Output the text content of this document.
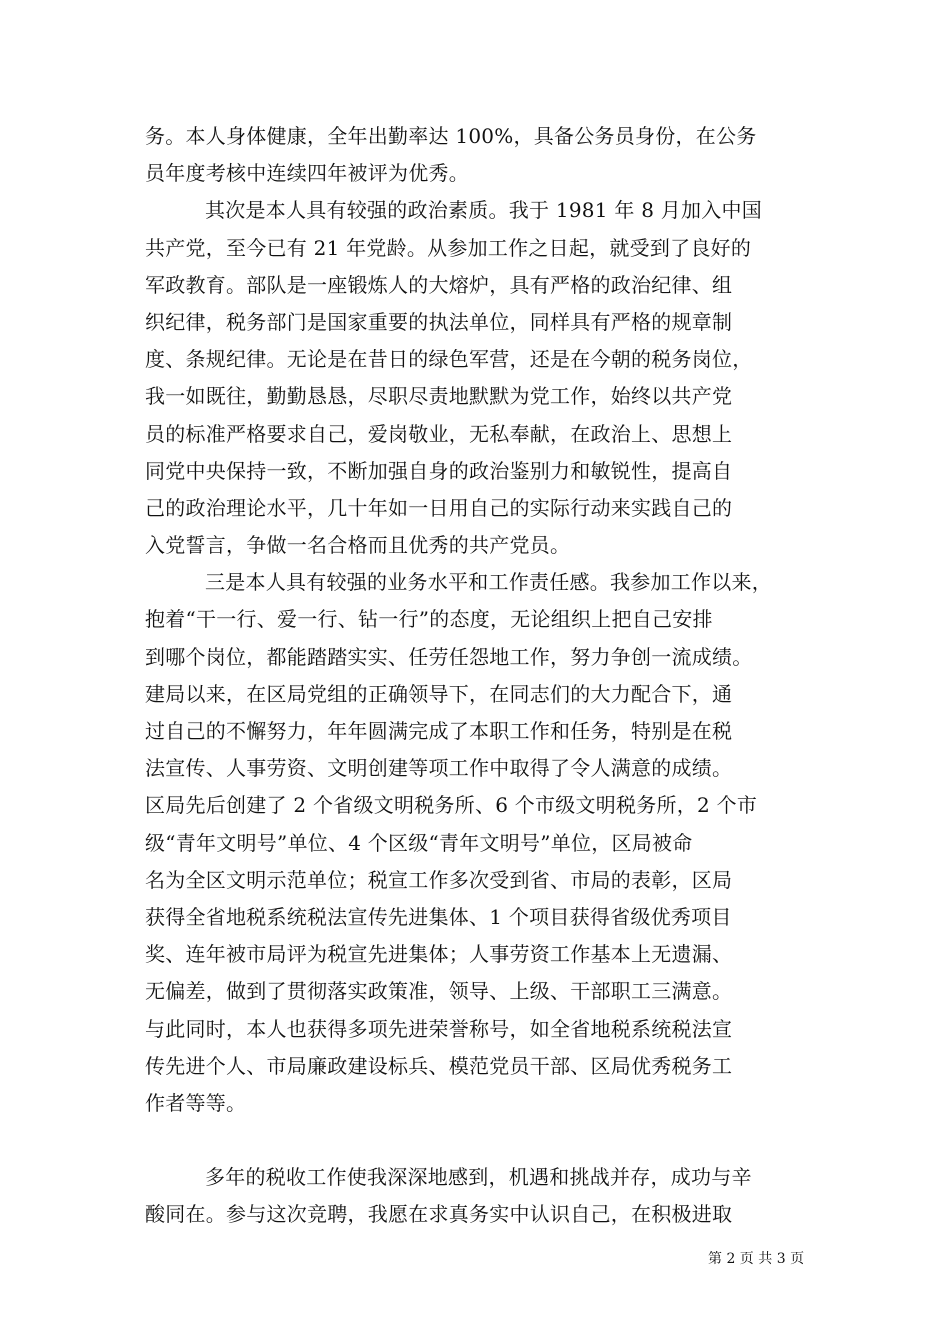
务。本人身体健康，全年出勤率达 100%，具备公务员身份，在公务
员年度考核中连续四年被评为优秀。
其次是本人具有较强的政治素质。我于 1981 年 8 月加入中国
共产党，至今已有 21 年党龄。从参加工作之日起，就受到了良好的
军政教育。部队是一座锻炼人的大熔炉，具有严格的政治纪律、组
织纪律，税务部门是国家重要的执法单位，同样具有严格的规章制
度、条规纪律。无论是在昔日的绿色军营，还是在今朝的税务岗位，
我一如既往，勤勤恳恳，尽职尽责地默默为党工作，始终以共产党
员的标准严格要求自己，爱岗敬业，无私奉献，在政治上、思想上
同党中央保持一致，不断加强自身的政治鉴别力和敏锐性，提高自
己的政治理论水平，几十年如一日用自己的实际行动来实践自己的
入党誓言，争做一名合格而且优秀的共产党员。
三是本人具有较强的业务水平和工作责任感。我参加工作以来，
抱着“干一行、爱一行、钻一行”的态度，无论组织上把自己安排
到哪个岗位，都能踏踏实实、任劳任怨地工作，努力争创一流成绩。
建局以来，在区局党组的正确领导下，在同志们的大力配合下，通
过自己的不懈努力，年年圆满完成了本职工作和任务，特别是在税
法宣传、人事劳资、文明创建等项工作中取得了令人满意的成绩。
区局先后创建了 2 个省级文明税务所、6 个市级文明税务所，2 个市
级“青年文明号”单位、4 个区级“青年文明号”单位，区局被命
名为全区文明示范单位；税宣工作多次受到省、市局的表彰，区局
获得全省地税系统税法宣传先进集体、1 个项目获得省级优秀项目
奖、连年被市局评为税宣先进集体；人事劳资工作基本上无遗漏、
无偏差，做到了贯彻落实政策准，领导、上级、干部职工三满意。
与此同时，本人也获得多项先进荣誉称号，如全省地税系统税法宣
传先进个人、市局廉政建设标兵、模范党员干部、区局优秀税务工
作者等等。
多年的税收工作使我深深地感到，机遇和挑战并存，成功与辛
酸同在。参与这次竞聘，我愿在求真务实中认识自己，在积极进取
第 2 页 共 3 页
